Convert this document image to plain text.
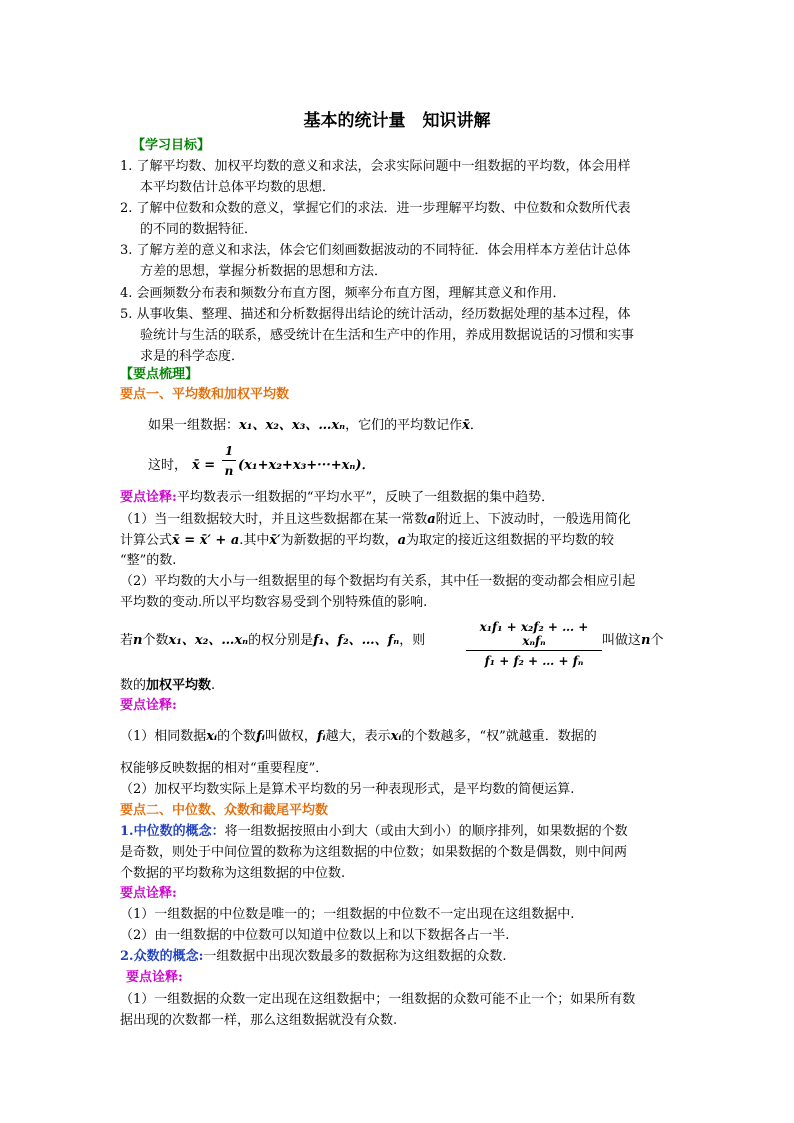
基本的统计量　知识讲解
【学习目标】
1. 了解平均数、加权平均数的意义和求法，会求实际问题中一组数据的平均数，体会用样
本平均数估计总体平均数的思想．
2. 了解中位数和众数的意义，掌握它们的求法．进一步理解平均数、中位数和众数所代表
的不同的数据特征．
3. 了解方差的意义和求法，体会它们刻画数据波动的不同特征．体会用样本方差估计总体
方差的思想，掌握分析数据的思想和方法．
4. 会画频数分布表和频数分布直方图，频率分布直方图，理解其意义和作用．
5. 从事收集、整理、描述和分析数据得出结论的统计活动，经历数据处理的基本过程，体
验统计与生活的联系，感受统计在生活和生产中的作用，养成用数据说话的习惯和实事
求是的科学态度．
【要点梳理】
要点一、平均数和加权平均数
如果一组数据：x₁、x₂、x₃、…xₙ，它们的平均数记作x̄．
这时， x̄ = $\frac{1}{n} (x_1+x_2+x_3+\cdot\cdot\cdot+x_n)$．
要点诠释:平均数表示一组数据的“平均水平”，反映了一组数据的集中趋势．
（1）当一组数据较大时，并且这些数据都在某一常数a附近上、下波动时，一般选用简化
计算公式x̄ = x̄′ + a.其中x̄′为新数据的平均数，a为取定的接近这组数据的平均数的较
“整”的数.
（2）平均数的大小与一组数据里的每个数据均有关系，其中任一数据的变动都会相应引起
平均数的变动.所以平均数容易受到个别特殊值的影响.
若n个数x₁、x₂、…xₙ的权分别是f₁、f₂、…、fₙ，则
x₁f₁ + x₂f₂ + … + xₙfₙ
f₁ + f₂ + … + fₙ
叫做这n个
数的加权平均数.
要点诠释:
（1）相同数据xᵢ的个数fᵢ叫做权，fᵢ越大，表示xᵢ的个数越多，“权”就越重．数据的
权能够反映数据的相对“重要程度”．
（2）加权平均数实际上是算术平均数的另一种表现形式，是平均数的简便运算.
要点二、中位数、众数和截尾平均数
1.中位数的概念：将一组数据按照由小到大（或由大到小）的顺序排列，如果数据的个数
是奇数，则处于中间位置的数称为这组数据的中位数；如果数据的个数是偶数，则中间两
个数据的平均数称为这组数据的中位数.
要点诠释:
（1）一组数据的中位数是唯一的；一组数据的中位数不一定出现在这组数据中.
（2）由一组数据的中位数可以知道中位数以上和以下数据各占一半.
2.众数的概念:一组数据中出现次数最多的数据称为这组数据的众数.
要点诠释:
（1）一组数据的众数一定出现在这组数据中；一组数据的众数可能不止一个；如果所有数
据出现的次数都一样，那么这组数据就没有众数.
